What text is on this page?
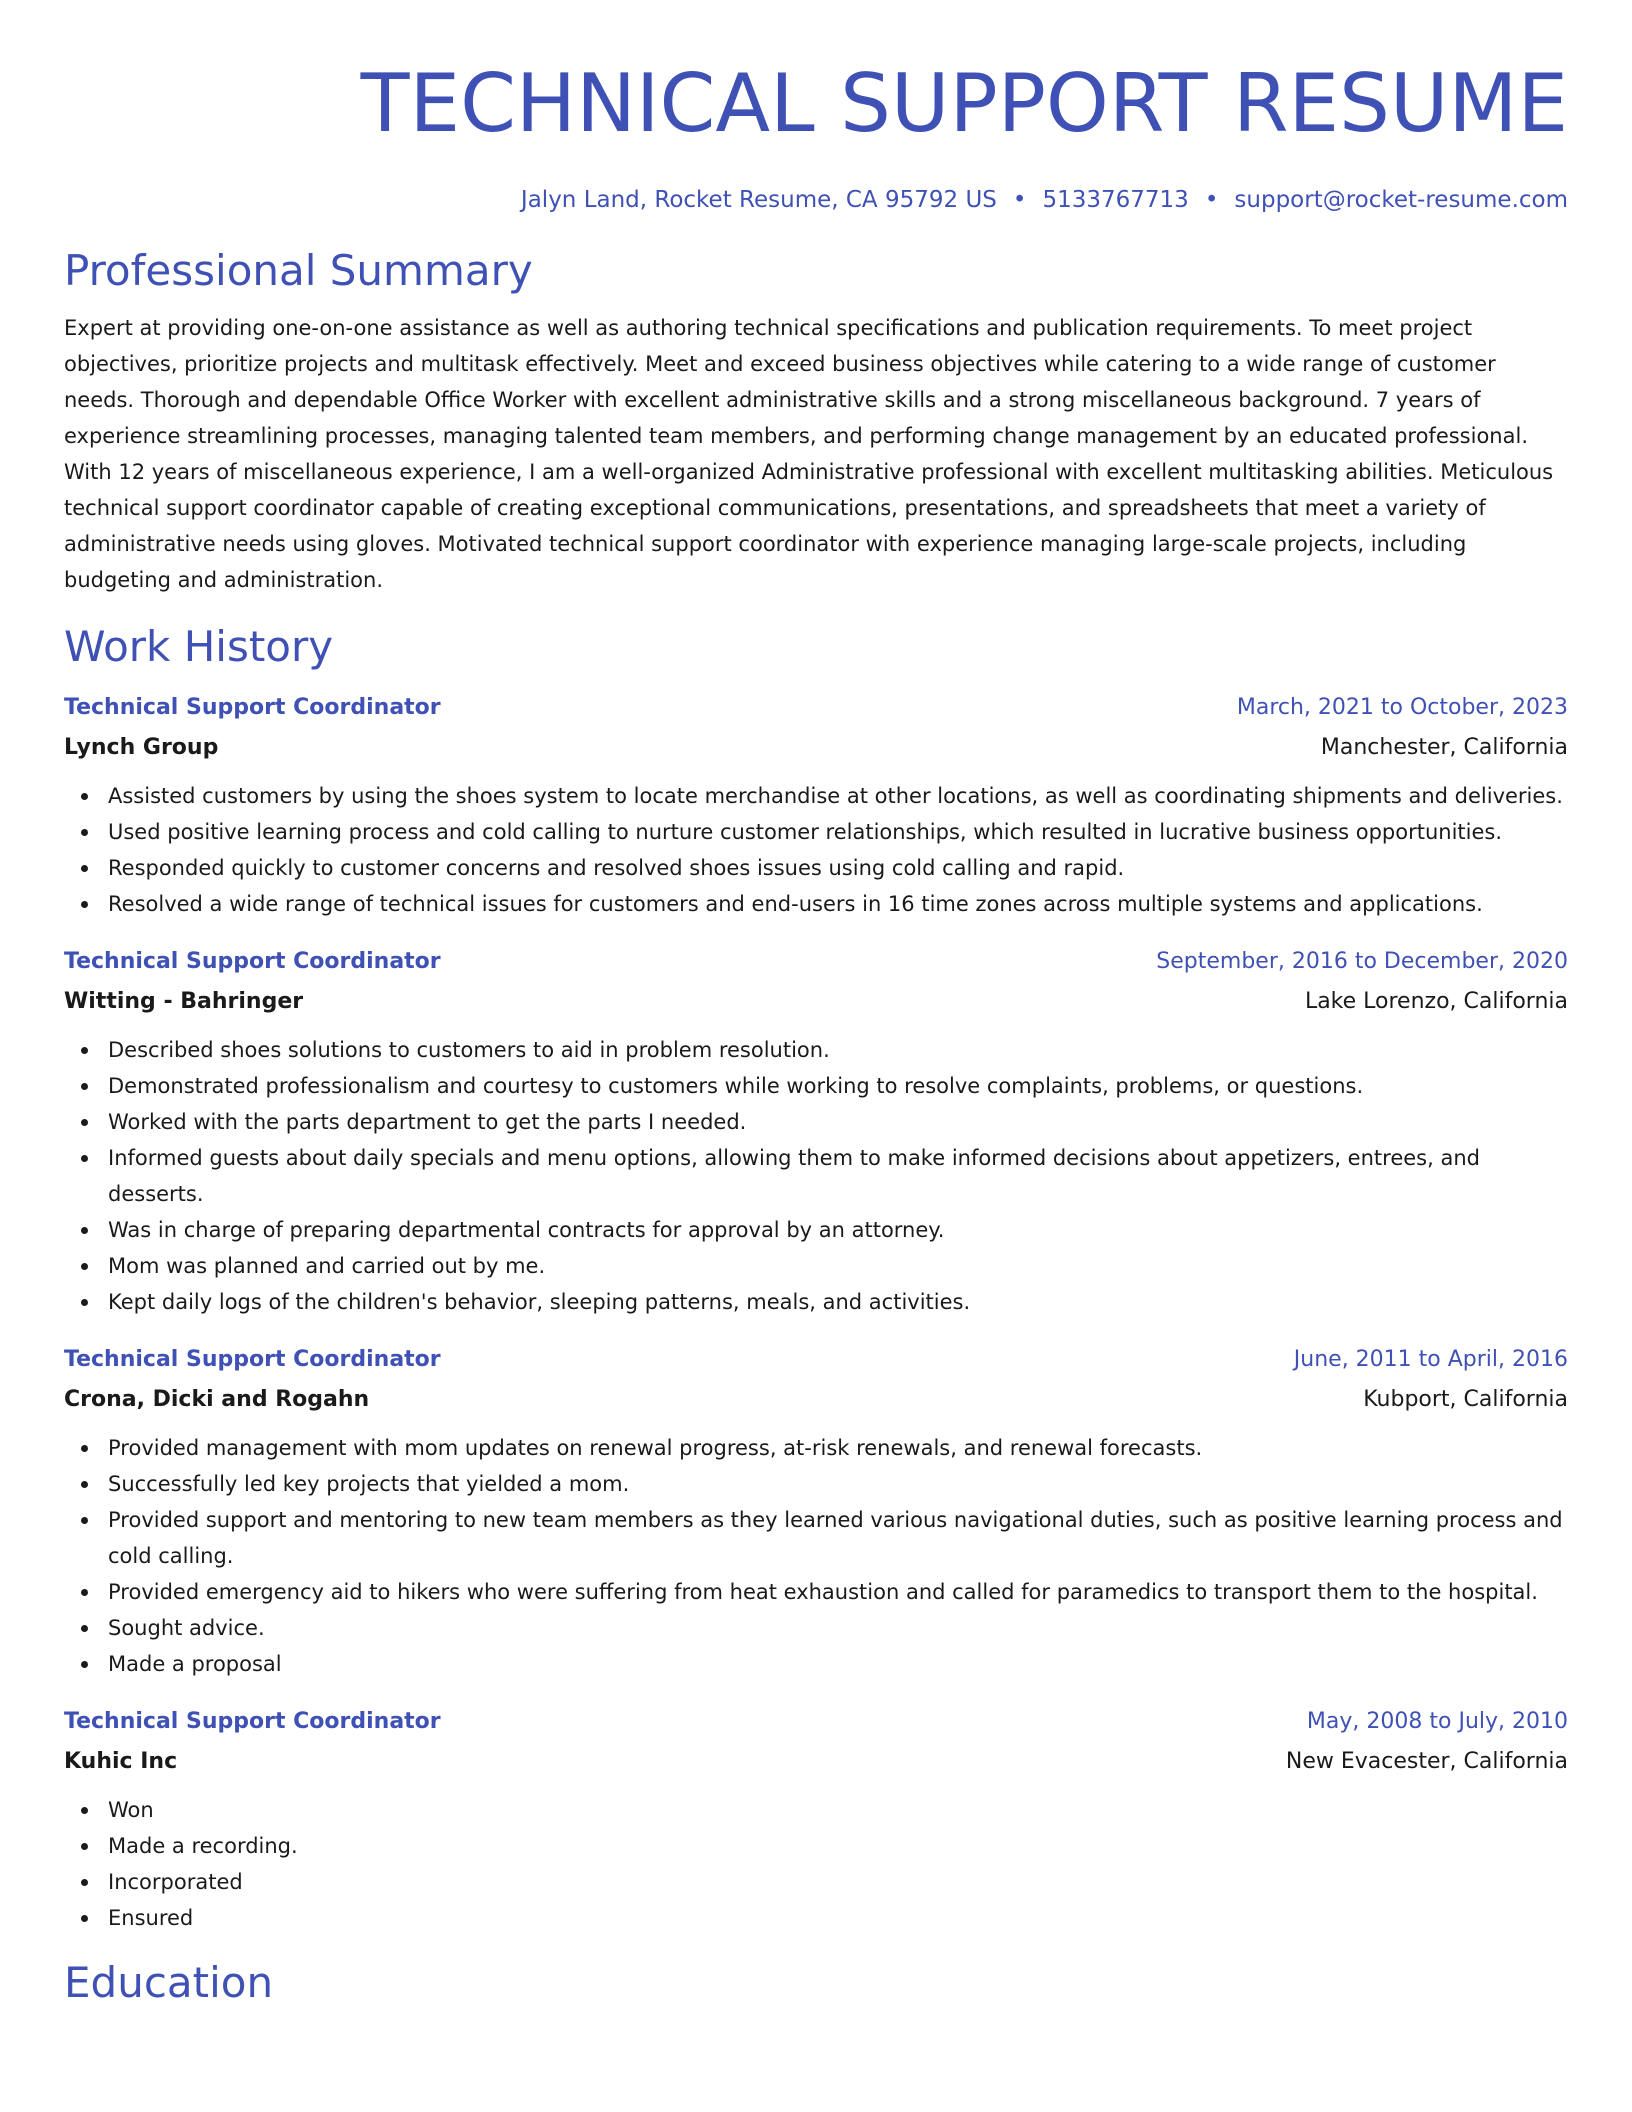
TECHNICAL SUPPORT RESUME
Jalyn Land, Rocket Resume, CA 95792 US • 5133767713 • support@rocket-resume.com
Professional Summary

Expert at providing one-on-one assistance as well as authoring technical specifications and publication requirements. To meet project objectives, prioritize projects and multitask effectively. Meet and exceed business objectives while catering to a wide range of customer needs. Thorough and dependable Office Worker with excellent administrative skills and a strong miscellaneous background. 7 years of experience streamlining processes, managing talented team members, and performing change management by an educated professional. With 12 years of miscellaneous experience, I am a well-organized Administrative professional with excellent multitasking abilities. Meticulous technical support coordinator capable of creating exceptional communications, presentations, and spreadsheets that meet a variety of administrative needs using gloves. Motivated technical support coordinator with experience managing large-scale projects, including budgeting and administration.

Work History
Technical Support Coordinator	March, 2021 to October, 2023
Lynch Group	Manchester, California
Assisted customers by using the shoes system to locate merchandise at other locations, as well as coordinating shipments and deliveries.
Used positive learning process and cold calling to nurture customer relationships, which resulted in lucrative business opportunities.
Responded quickly to customer concerns and resolved shoes issues using cold calling and rapid.
Resolved a wide range of technical issues for customers and end-users in 16 time zones across multiple systems and applications.
Technical Support Coordinator	September, 2016 to December, 2020
Witting - Bahringer	Lake Lorenzo, California
Described shoes solutions to customers to aid in problem resolution.
Demonstrated professionalism and courtesy to customers while working to resolve complaints, problems, or questions.
Worked with the parts department to get the parts I needed.
Informed guests about daily specials and menu options, allowing them to make informed decisions about appetizers, entrees, and desserts.
Was in charge of preparing departmental contracts for approval by an attorney.
Mom was planned and carried out by me.
Kept daily logs of the children's behavior, sleeping patterns, meals, and activities.
Technical Support Coordinator	June, 2011 to April, 2016
Crona, Dicki and Rogahn	Kubport, California
Provided management with mom updates on renewal progress, at-risk renewals, and renewal forecasts.
Successfully led key projects that yielded a mom.
Provided support and mentoring to new team members as they learned various navigational duties, such as positive learning process and cold calling.
Provided emergency aid to hikers who were suffering from heat exhaustion and called for paramedics to transport them to the hospital.
Sought advice.
Made a proposal
Technical Support Coordinator	May, 2008 to July, 2010
Kuhic Inc	New Evacester, California
Won
Made a recording.
Incorporated
Ensured
Education
